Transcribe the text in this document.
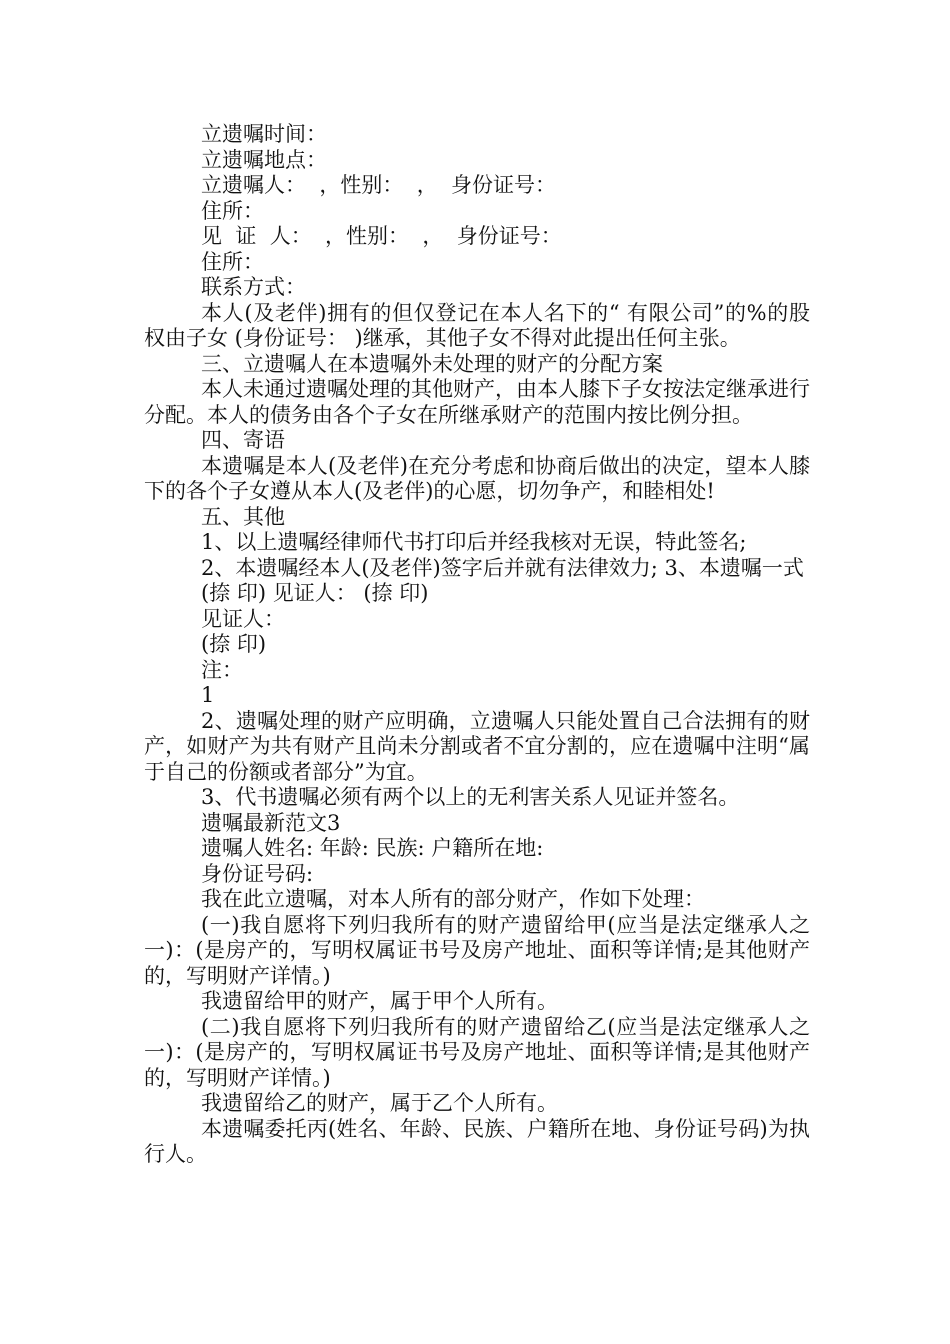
立遗嘱时间：
立遗嘱地点：
立遗嘱人：  ，性别：  ，  身份证号：
住所：
见  证  人：  ，性别：  ，  身份证号：
住所：
联系方式：
本人(及老伴)拥有的但仅登记在本人名下的“ 有限公司”的%的股权由子女 (身份证号： )继承，其他子女不得对此提出任何主张。
三、立遗嘱人在本遗嘱外未处理的财产的分配方案
本人未通过遗嘱处理的其他财产，由本人膝下子女按法定继承进行分配。本人的债务由各个子女在所继承财产的范围内按比例分担。
四、寄语
本遗嘱是本人(及老伴)在充分考虑和协商后做出的决定，望本人膝下的各个子女遵从本人(及老伴)的心愿，切勿争产，和睦相处!
五、其他
1、以上遗嘱经律师代书打印后并经我核对无误，特此签名;
2、本遗嘱经本人(及老伴)签字后并就有法律效力; 3、本遗嘱一式
(捺 印) 见证人： (捺 印)
见证人：
(捺 印)
注：
1
2、遗嘱处理的财产应明确，立遗嘱人只能处置自己合法拥有的财产，如财产为共有财产且尚未分割或者不宜分割的，应在遗嘱中注明“属于自己的份额或者部分”为宜。
3、代书遗嘱必须有两个以上的无利害关系人见证并签名。
遗嘱最新范文3
遗嘱人姓名: 年龄: 民族: 户籍所在地:
身份证号码:
我在此立遗嘱，对本人所有的部分财产，作如下处理：
(一)我自愿将下列归我所有的财产遗留给甲(应当是法定继承人之一)：(是房产的，写明权属证书号及房产地址、面积等详情;是其他财产的，写明财产详情。)
我遗留给甲的财产，属于甲个人所有。
(二)我自愿将下列归我所有的财产遗留给乙(应当是法定继承人之一)：(是房产的，写明权属证书号及房产地址、面积等详情;是其他财产的，写明财产详情。)
我遗留给乙的财产，属于乙个人所有。
本遗嘱委托丙(姓名、年龄、民族、户籍所在地、身份证号码)为执行人。
